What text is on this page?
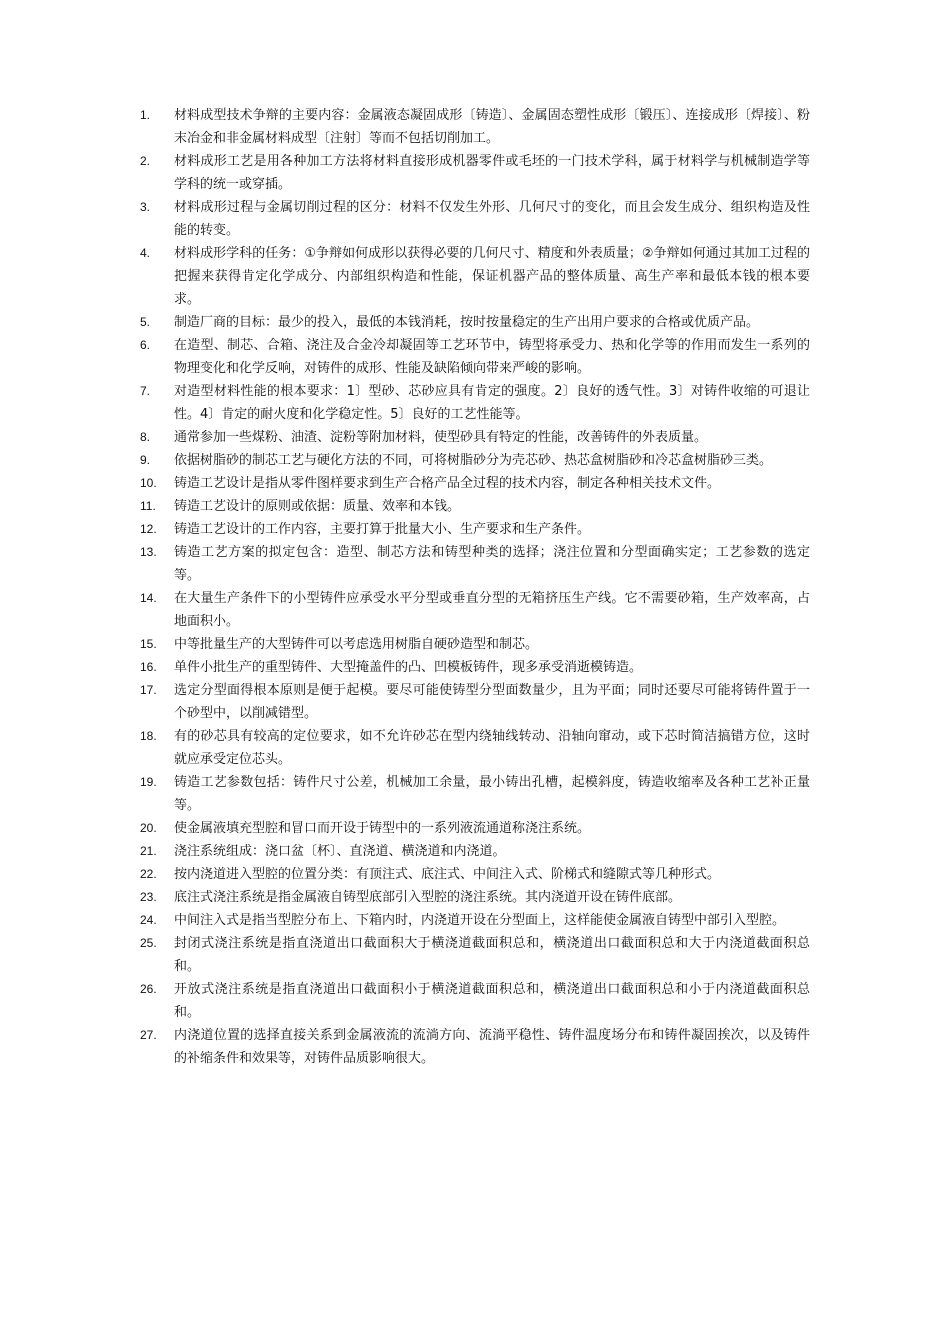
1.	材料成型技术争辩的主要内容：金属液态凝固成形〔铸造〕、金属固态塑性成形〔锻压〕、连接成形〔焊接〕、粉末冶金和非金属材料成型〔注射〕等而不包括切削加工。
2.	材料成形工艺是用各种加工方法将材料直接形成机器零件或毛坯的一门技术学科，属于材料学与机械制造学等学科的统一或穿插。
3.	材料成形过程与金属切削过程的区分：材料不仅发生外形、几何尺寸的变化，而且会发生成分、组织构造及性能的转变。
4.	材料成形学科的任务：①争辩如何成形以获得必要的几何尺寸、精度和外表质量；②争辩如何通过其加工过程的把握来获得肯定化学成分、内部组织构造和性能，保证机器产品的整体质量、高生产率和最低本钱的根本要求。
5.	制造厂商的目标：最少的投入，最低的本钱消耗，按时按量稳定的生产出用户要求的合格或优质产品。
6.	在造型、制芯、合箱、浇注及合金冷却凝固等工艺环节中，铸型将承受力、热和化学等的作用而发生一系列的物理变化和化学反响，对铸件的成形、性能及缺陷倾向带来严峻的影响。
7.	对造型材料性能的根本要求：1〕型砂、芯砂应具有肯定的强度。2〕良好的透气性。3〕对铸件收缩的可退让性。4〕肯定的耐火度和化学稳定性。5〕良好的工艺性能等。
8.	通常参加一些煤粉、油渣、淀粉等附加材料，使型砂具有特定的性能，改善铸件的外表质量。
9.	依据树脂砂的制芯工艺与硬化方法的不同，可将树脂砂分为壳芯砂、热芯盒树脂砂和冷芯盒树脂砂三类。
10.	铸造工艺设计是指从零件图样要求到生产合格产品全过程的技术内容，制定各种相关技术文件。
11.	铸造工艺设计的原则或依据：质量、效率和本钱。
12.	铸造工艺设计的工作内容，主要打算于批量大小、生产要求和生产条件。
13.	铸造工艺方案的拟定包含：造型、制芯方法和铸型种类的选择；浇注位置和分型面确实定；工艺参数的选定等。
14.	在大量生产条件下的小型铸件应承受水平分型或垂直分型的无箱挤压生产线。它不需要砂箱，生产效率高，占地面积小。
15.	中等批量生产的大型铸件可以考虑选用树脂自硬砂造型和制芯。
16.	单件小批生产的重型铸件、大型掩盖件的凸、凹模板铸件，现多承受消逝模铸造。
17.	选定分型面得根本原则是便于起模。要尽可能使铸型分型面数量少，且为平面；同时还要尽可能将铸件置于一个砂型中，以削减错型。
18.	有的砂芯具有较高的定位要求，如不允许砂芯在型内绕轴线转动、沿轴向窜动，或下芯时简洁搞错方位，这时就应承受定位芯头。
19.	铸造工艺参数包括：铸件尺寸公差，机械加工余量，最小铸出孔槽，起模斜度，铸造收缩率及各种工艺补正量等。
20.	使金属液填充型腔和冒口而开设于铸型中的一系列液流通道称浇注系统。
21.	浇注系统组成：浇口盆〔杯〕、直浇道、横浇道和内浇道。
22.	按内浇道进入型腔的位置分类：有顶注式、底注式、中间注入式、阶梯式和缝隙式等几种形式。
23.	底注式浇注系统是指金属液自铸型底部引入型腔的浇注系统。其内浇道开设在铸件底部。
24.	中间注入式是指当型腔分布上、下箱内时，内浇道开设在分型面上，这样能使金属液自铸型中部引入型腔。
25.	封闭式浇注系统是指直浇道出口截面积大于横浇道截面积总和，横浇道出口截面积总和大于内浇道截面积总和。
26.	开放式浇注系统是指直浇道出口截面积小于横浇道截面积总和，横浇道出口截面积总和小于内浇道截面积总和。
27.	内浇道位置的选择直接关系到金属液流的流淌方向、流淌平稳性、铸件温度场分布和铸件凝固挨次，以及铸件的补缩条件和效果等，对铸件品质影响很大。
